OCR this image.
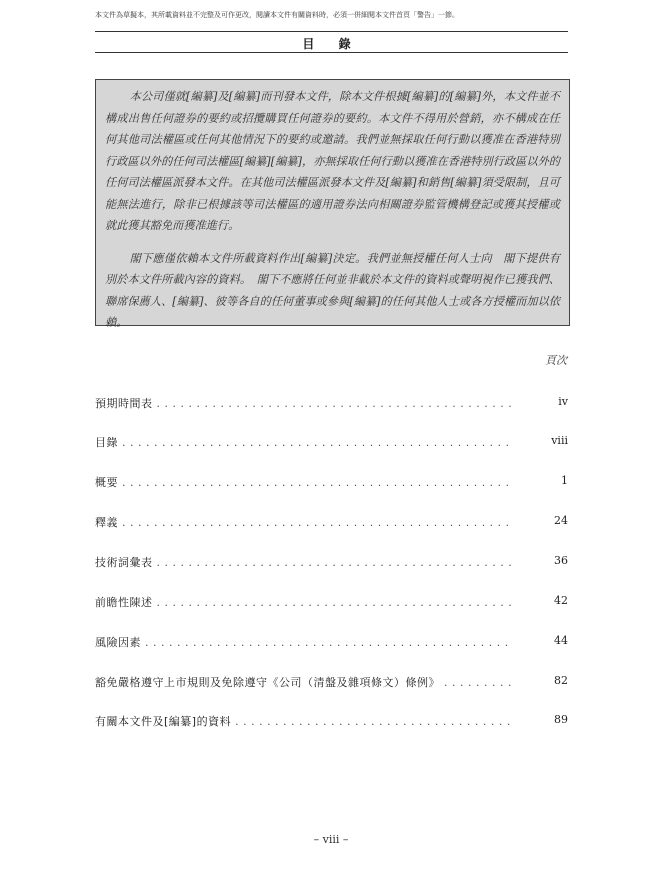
本文件為草擬本，其所載資料並不完整及可作更改，閱讀本文件有關資料時，必須一併細閱本文件首頁「警告」一節。
目 錄

本公司僅就[編纂]及[編纂]而刊發本文件，除本文件根據[編纂]的[編纂]外，本文件並不構成出售任何證券的要約或招攬購買任何證券的要約。本文件不得用於營銷，亦不構成在任何其他司法權區或任何其他情況下的要約或邀請。我們並無採取任何行動以獲准在香港特別行政區以外的任何司法權區[編纂][編纂]，亦無採取任何行動以獲准在香港特別行政區以外的任何司法權區派發本文件。在其他司法權區派發本文件及[編纂]和銷售[編纂]須受限制，且可能無法進行，除非已根據該等司法權區的適用證券法向相關證券監管機構登記或獲其授權或就此獲其豁免而獲准進行。

閣下應僅依賴本文件所載資料作出[編纂]決定。我們並無授權任何人士向　閣下提供有別於本文件所載內容的資料。　閣下不應將任何並非載於本文件的資料或聲明視作已獲我們、聯席保薦人、[編纂]、彼等各自的任何董事或參與[編纂]的任何其他人士或各方授權而加以依賴。

頁次
預期時間表 . . .	iv
目錄 . . .	viii
概要 . . .	1
釋義 . . .	24
技術詞彙表 . . .	36
前瞻性陳述 . . .	42
風險因素 . . .	44
豁免嚴格遵守上市規則及免除遵守《公司（清盤及雜項條文）條例》 . . .	82
有關本文件及[編纂]的資料 . . .	89
– viii –
